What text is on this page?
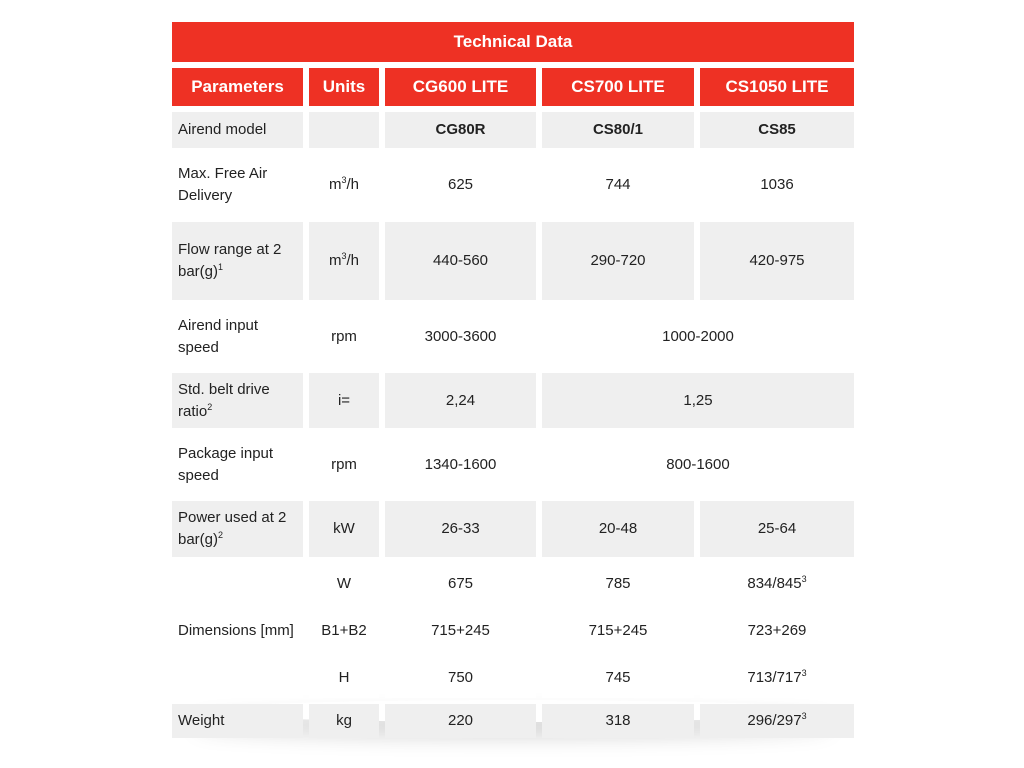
Technical Data
Parameters	Units	CG600 LITE	CS700 LITE	CS1050 LITE
Airend model		CG80R	CS80/1	CS85
Max. Free Air Delivery	$m^3/h$	625	744	1036
Flow range at 2 $bar(g)^1$	$m^3/h$	440-560	290-720	420-975
Airend input speed	rpm	3000-3600	1000-2000	
Std. belt drive ratio$^2$	i=	2,24	1,25	
Package input speed	rpm	1340-1600	800-1600	
Power used at 2 $bar(g)^2$	kW	26-33	20-48	25-64
Dimensions [mm]	W	675	785	$834/845^3$
	B1+B2	715+245	715+245	723+269
	H	750	745	$713/717^3$
Weight	kg	220	318	$296/297^3$
